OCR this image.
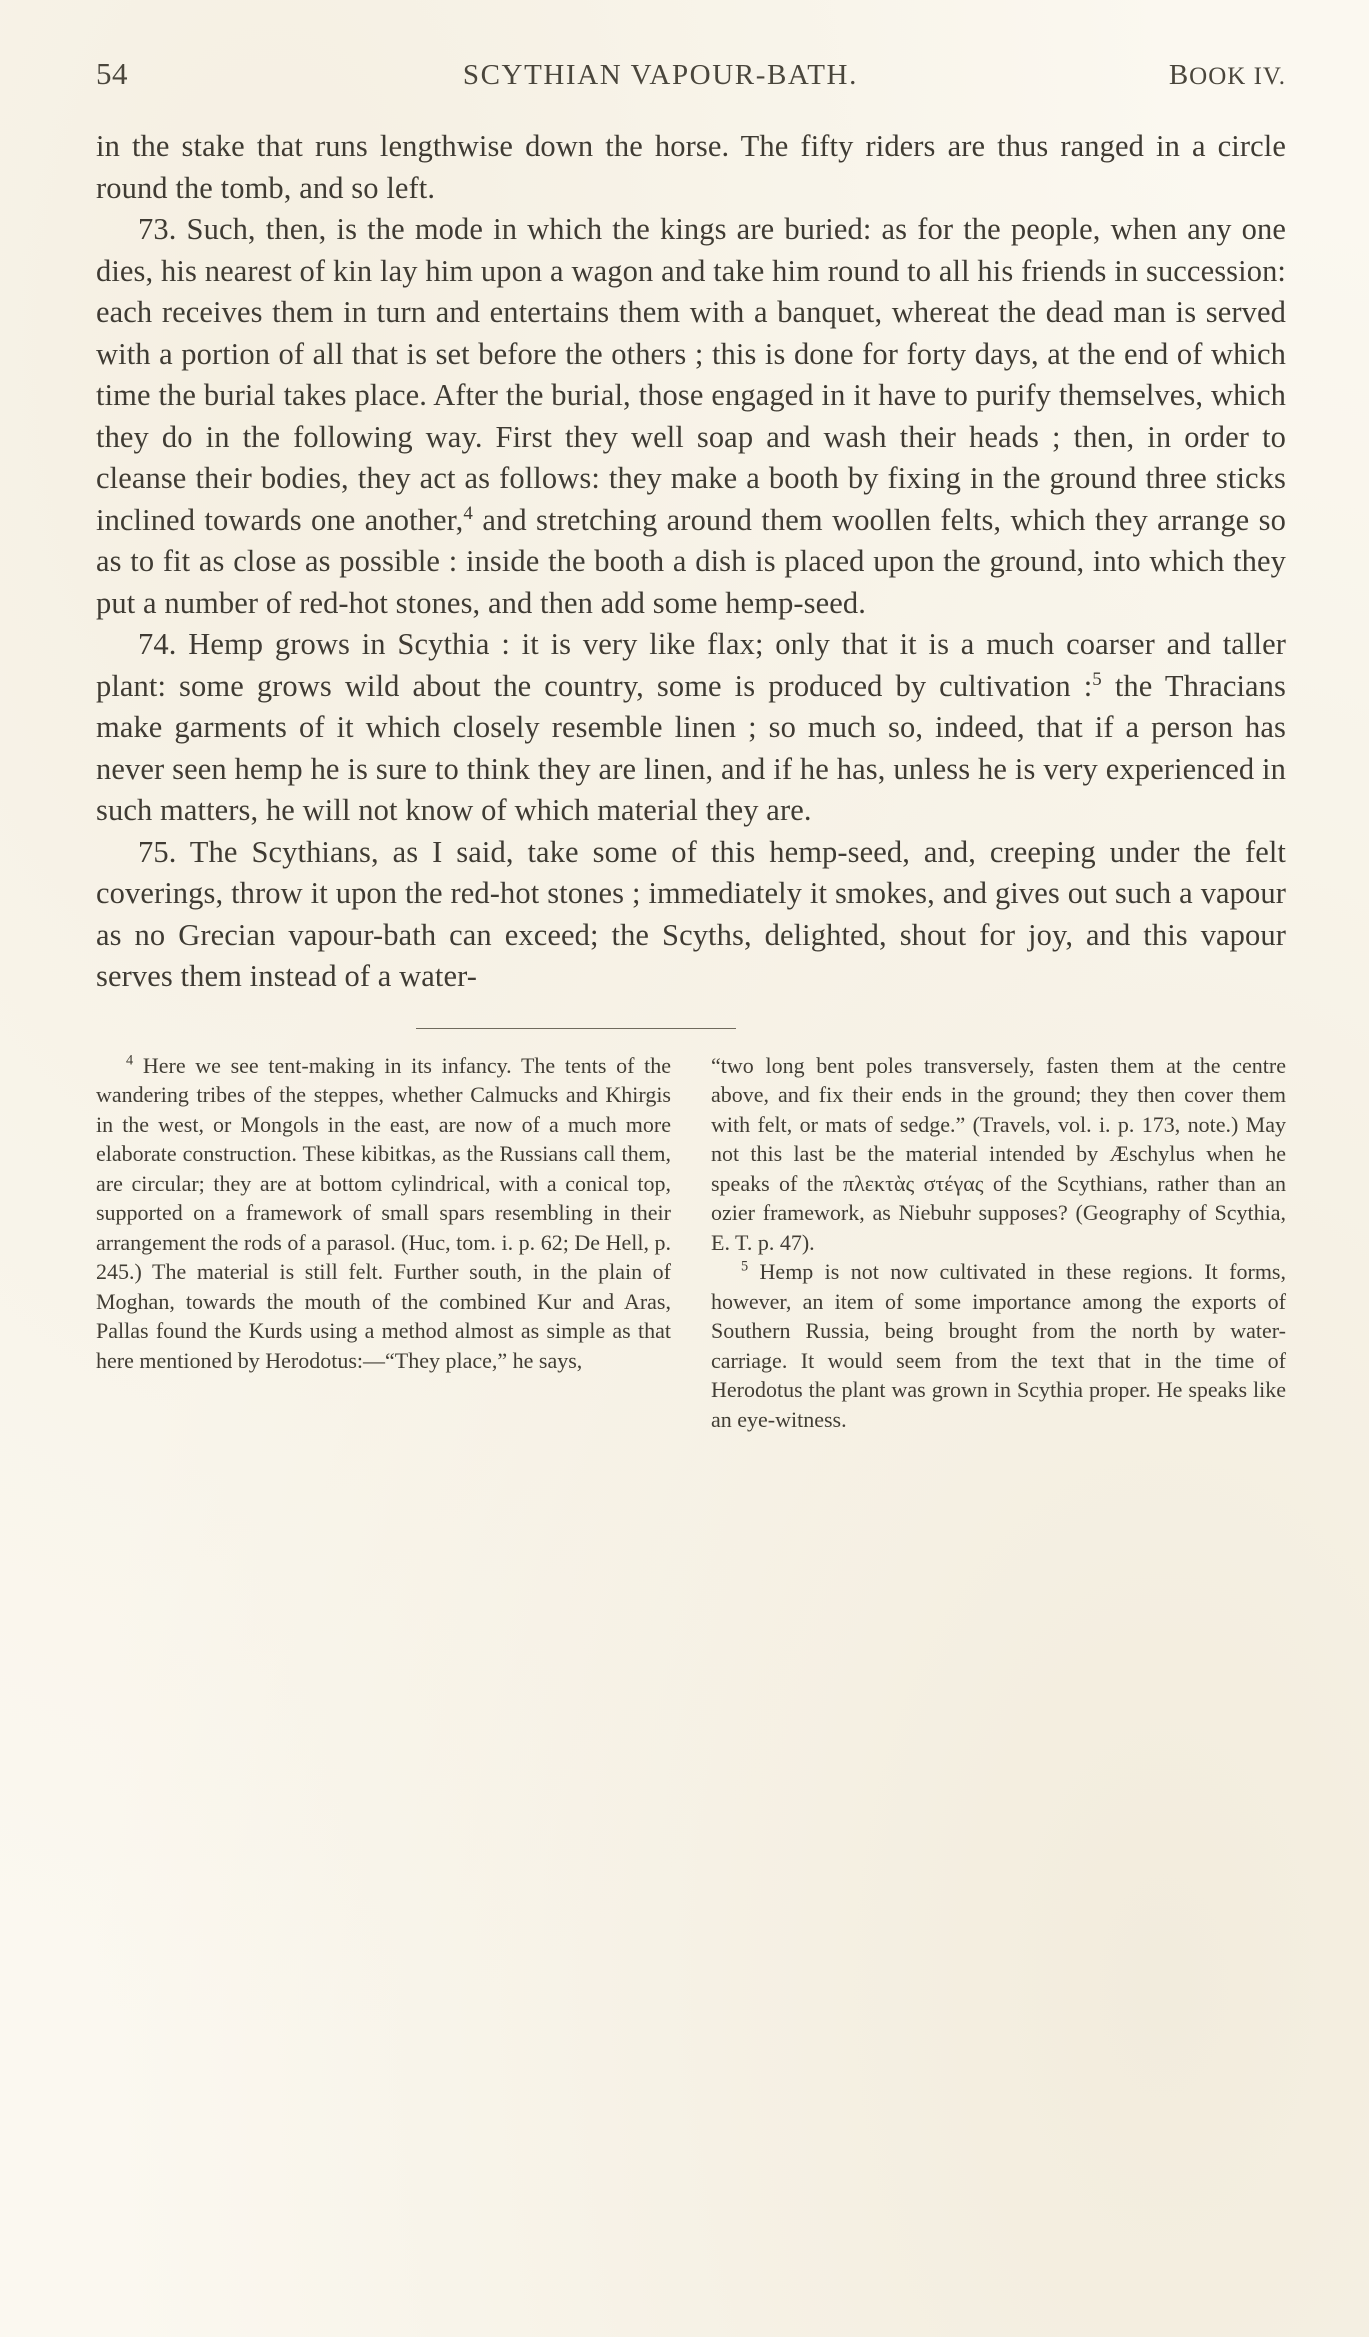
54	SCYTHIAN VAPOUR-BATH.	BOOK IV.

in the stake that runs lengthwise down the horse. The fifty riders are thus ranged in a circle round the tomb, and so left.

73. Such, then, is the mode in which the kings are buried: as for the people, when any one dies, his nearest of kin lay him upon a wagon and take him round to all his friends in succession: each receives them in turn and entertains them with a banquet, whereat the dead man is served with a portion of all that is set before the others ; this is done for forty days, at the end of which time the burial takes place. After the burial, those engaged in it have to purify themselves, which they do in the following way. First they well soap and wash their heads ; then, in order to cleanse their bodies, they act as follows: they make a booth by fixing in the ground three sticks inclined towards one another,$^4$ and stretching around them woollen felts, which they arrange so as to fit as close as possible : inside the booth a dish is placed upon the ground, into which they put a number of red-hot stones, and then add some hemp-seed.

74. Hemp grows in Scythia : it is very like flax; only that it is a much coarser and taller plant: some grows wild about the country, some is produced by cultivation :$^5$ the Thracians make garments of it which closely resemble linen ; so much so, indeed, that if a person has never seen hemp he is sure to think they are linen, and if he has, unless he is very experienced in such matters, he will not know of which material they are.

75. The Scythians, as I said, take some of this hemp-seed, and, creeping under the felt coverings, throw it upon the red-hot stones ; immediately it smokes, and gives out such a vapour as no Grecian vapour-bath can exceed; the Scyths, delighted, shout for joy, and this vapour serves them instead of a water-

$^4$ Here we see tent-making in its infancy. The tents of the wandering tribes of the steppes, whether Calmucks and Khirgis in the west, or Mongols in the east, are now of a much more elaborate construction. These kibitkas, as the Russians call them, are circular; they are at bottom cylindrical, with a conical top, supported on a framework of small spars resembling in their arrangement the rods of a parasol. (Huc, tom. i. p. 62; De Hell, p. 245.) The material is still felt. Further south, in the plain of Moghan, towards the mouth of the combined Kur and Aras, Pallas found the Kurds using a method almost as simple as that here mentioned by Herodotus:—“They place,” he says,

“two long bent poles transversely, fasten them at the centre above, and fix their ends in the ground; they then cover them with felt, or mats of sedge.” (Travels, vol. i. p. 173, note.) May not this last be the material intended by Æschylus when he speaks of the πλεκτὰς στέγας of the Scythians, rather than an ozier framework, as Niebuhr supposes? (Geography of Scythia, E. T. p. 47).

$^5$ Hemp is not now cultivated in these regions. It forms, however, an item of some importance among the exports of Southern Russia, being brought from the north by water-carriage. It would seem from the text that in the time of Herodotus the plant was grown in Scythia proper. He speaks like an eye-witness.
